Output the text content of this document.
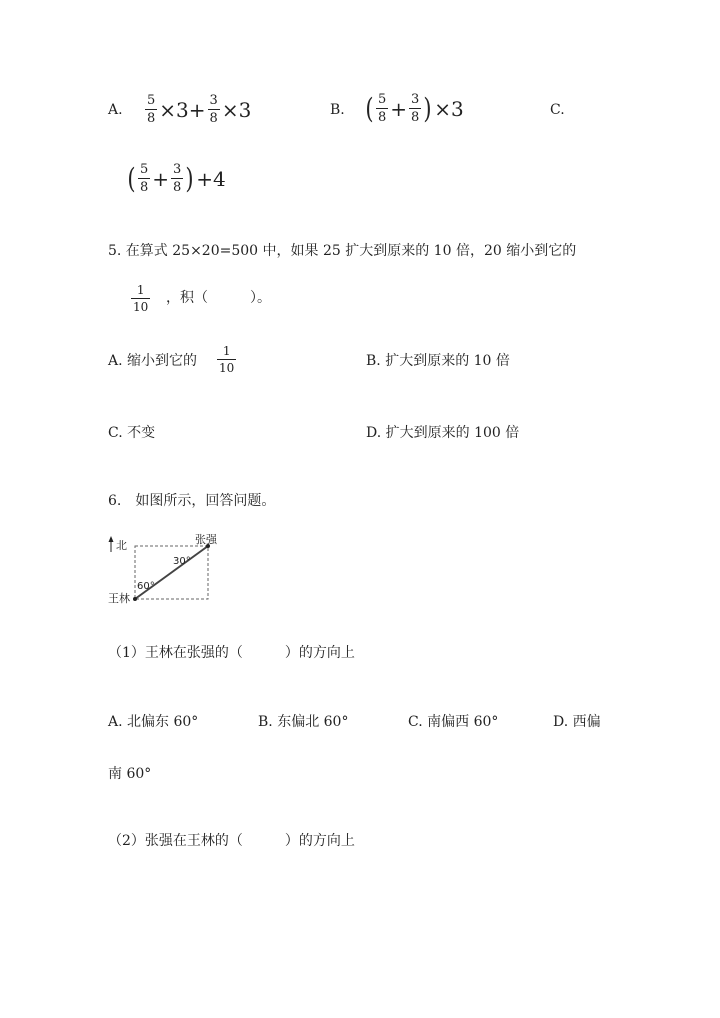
A. $\frac{5}{8} \times 3+ \frac{3}{8} \times 3$	B. ( $\frac{5}{8} + \frac{3}{8}$ ) ×3	C.
( $\frac{5}{8} + \frac{3}{8}$ ) +4
5. 在算式 25×20=500 中，如果 25 扩大到原来的 10 倍，20 缩小到它的
1
10
，积（　　　）。
A. 缩小到它的
1
10	B. 扩大到原来的 10 倍
C. 不变	D. 扩大到原来的 100 倍
6.　如图所示，回答问题。
北	张强
30°
60°
王林
（1）王林在张强的（　　　）的方向上
A. 北偏东 60°	B. 东偏北 60°	C. 南偏西 60°	D. 西偏
南 60°
（2）张强在王林的（　　　）的方向上
